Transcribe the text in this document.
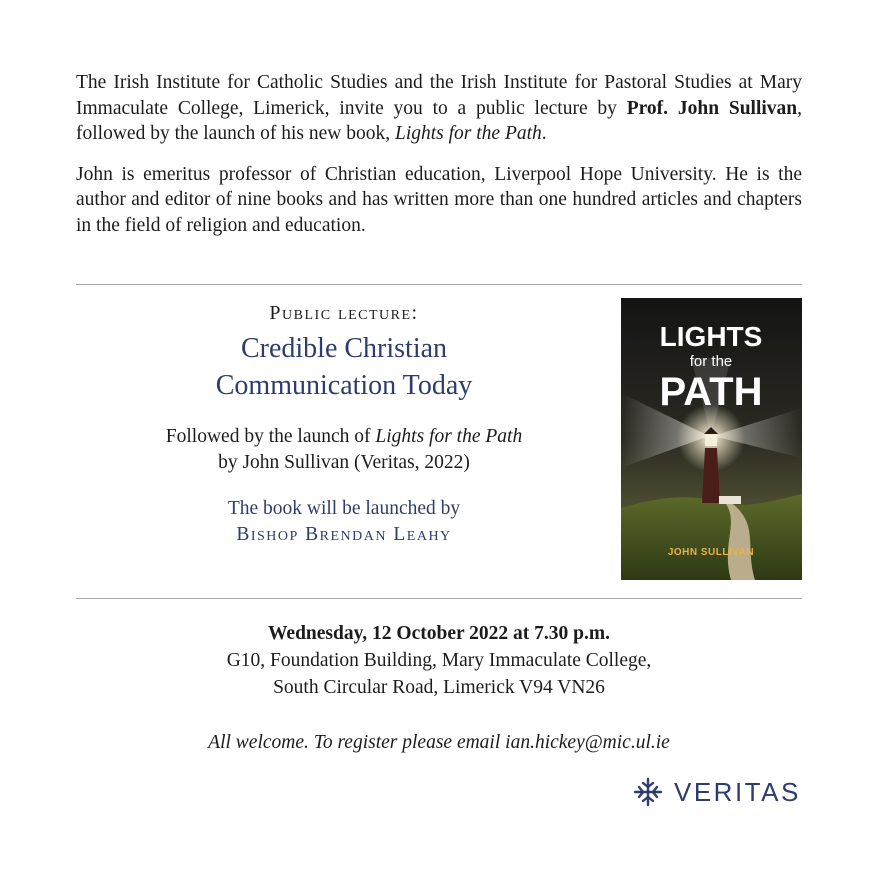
The Irish Institute for Catholic Studies and the Irish Institute for Pastoral Studies at Mary Immaculate College, Limerick, invite you to a public lecture by Prof. John Sullivan, followed by the launch of his new book, Lights for the Path.

John is emeritus professor of Christian education, Liverpool Hope University. He is the author and editor of nine books and has written more than one hundred articles and chapters in the field of religion and education.

Public lecture:
Credible Christian
Communication Today
Followed by the launch of Lights for the Path
by John Sullivan (Veritas, 2022)
The book will be launched by
Bishop Brendan Leahy
LIGHTS
for the
PATH
JOHN SULLIVAN
Wednesday, 12 October 2022 at 7.30 p.m.
G10, Foundation Building, Mary Immaculate College,
South Circular Road, Limerick V94 VN26
All welcome. To register please email ian.hickey@mic.ul.ie
VERITAS
